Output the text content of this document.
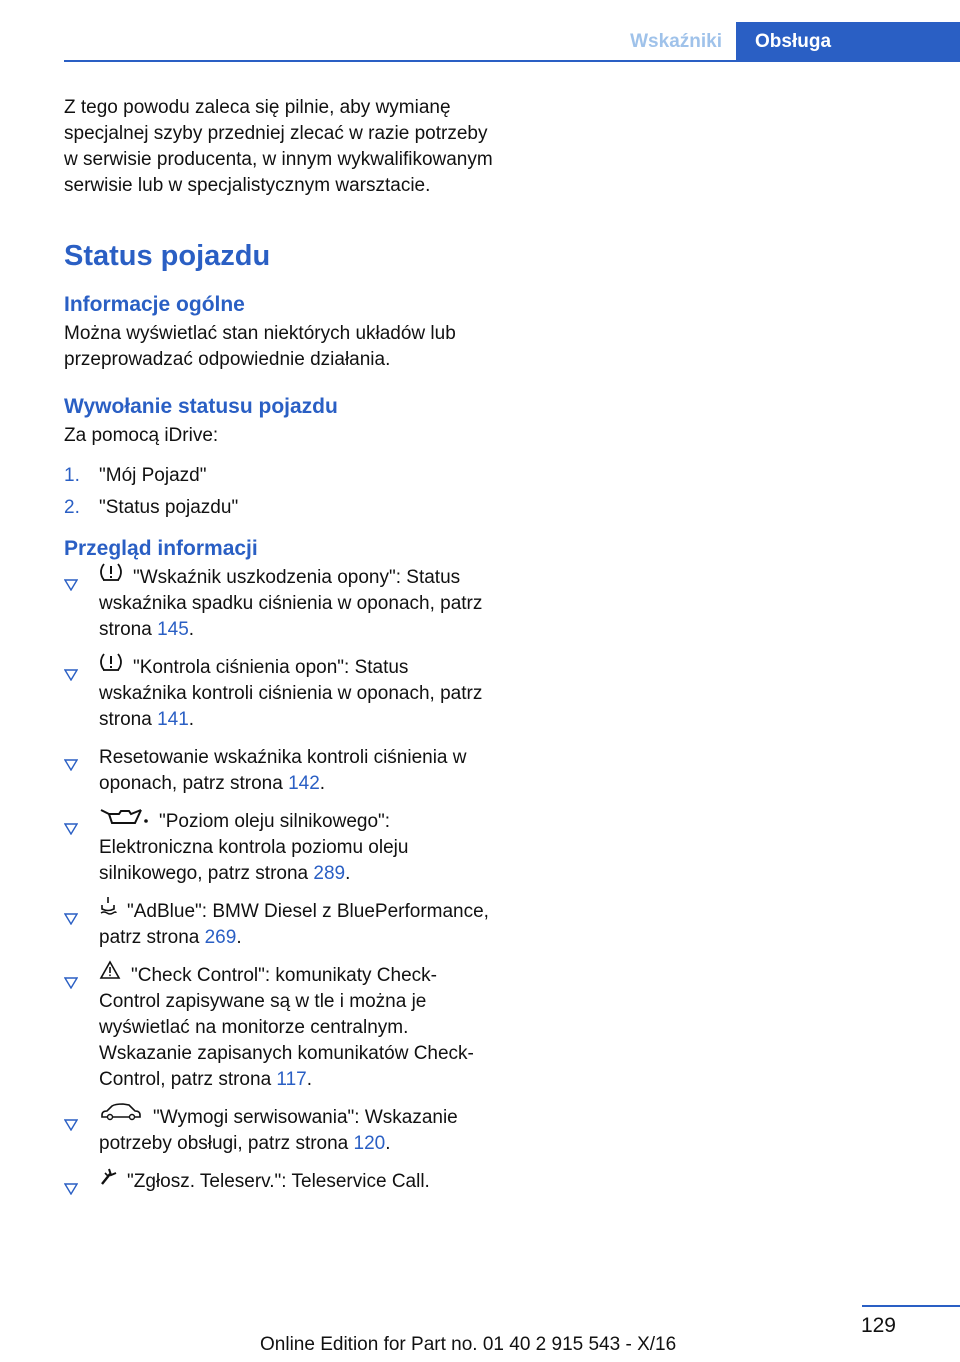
Wskaźniki Obsługa

Z tego powodu zaleca się pilnie, aby wymianę specjalnej szyby przedniej zlecać w razie potrzeby w serwisie producenta, w innym wykwalifikowanym serwisie lub w specjalistycznym warsztacie.

Status pojazdu
Informacje ogólne

Można wyświetlać stan niektórych układów lub przeprowadzać odpowiednie działania.

Wywołanie statusu pojazdu

Za pomocą iDrive:

1. "Mój Pojazd"
2. "Status pojazdu"
Przegląd informacji
"Wskaźnik uszkodzenia opony": Status wskaźnika spadku ciśnienia w oponach, patrz strona 145.
"Kontrola ciśnienia opon": Status wskaźnika kontroli ciśnienia w oponach, patrz strona 141.
Resetowanie wskaźnika kontroli ciśnienia w oponach, patrz strona 142.
"Poziom oleju silnikowego": Elektroniczna kontrola poziomu oleju silnikowego, patrz strona 289.
"AdBlue": BMW Diesel z BluePerformance, patrz strona 269.
"Check Control": komunikaty Check-Control zapisywane są w tle i można je wyświetlać na monitorze centralnym. Wskazanie zapisanych komunikatów Check-Control, patrz strona 117.
"Wymogi serwisowania": Wskazanie potrzeby obsługi, patrz strona 120.
"Zgłosz. Teleserv.": Teleservice Call.
129
Online Edition for Part no. 01 40 2 915 543 - X/16
